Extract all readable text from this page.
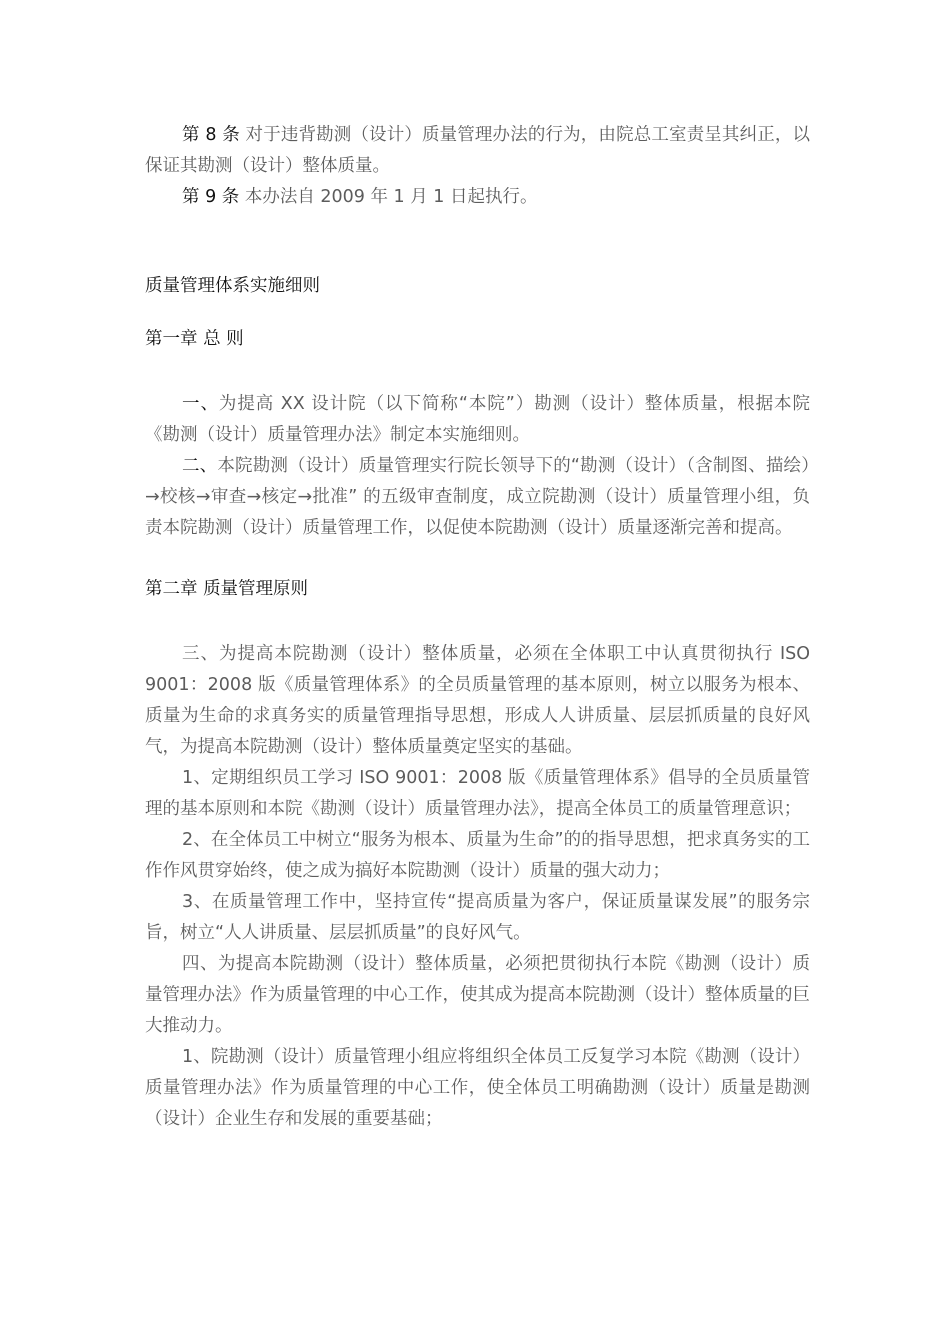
第 8 条 对于违背勘测（设计）质量管理办法的行为，由院总工室责呈其纠正，以保证其勘测（设计）整体质量。

第 9 条 本办法自 2009 年 1 月 1 日起执行。

质量管理体系实施细则

第一章 总 则

一、为提高 XX 设计院（以下简称“本院”）勘测（设计）整体质量，根据本院《勘测（设计）质量管理办法》制定本实施细则。

二、本院勘测（设计）质量管理实行院长领导下的“勘测（设计）（含制图、描绘）→校核→审查→核定→批准” 的五级审查制度，成立院勘测（设计）质量管理小组，负责本院勘测（设计）质量管理工作，以促使本院勘测（设计）质量逐渐完善和提高。

第二章 质量管理原则

三、为提高本院勘测（设计）整体质量，必须在全体职工中认真贯彻执行 ISO 9001：2008 版《质量管理体系》的全员质量管理的基本原则，树立以服务为根本、质量为生命的求真务实的质量管理指导思想，形成人人讲质量、层层抓质量的良好风气，为提高本院勘测（设计）整体质量奠定坚实的基础。

1、定期组织员工学习 ISO 9001：2008 版《质量管理体系》倡导的全员质量管理的基本原则和本院《勘测（设计）质量管理办法》，提高全体员工的质量管理意识；

2、在全体员工中树立“服务为根本、质量为生命”的的指导思想，把求真务实的工作作风贯穿始终，使之成为搞好本院勘测（设计）质量的强大动力；

3、在质量管理工作中，坚持宣传“提高质量为客户，保证质量谋发展”的服务宗旨，树立“人人讲质量、层层抓质量”的良好风气。

四、为提高本院勘测（设计）整体质量，必须把贯彻执行本院《勘测（设计）质量管理办法》作为质量管理的中心工作，使其成为提高本院勘测（设计）整体质量的巨大推动力。

1、院勘测（设计）质量管理小组应将组织全体员工反复学习本院《勘测（设计）质量管理办法》作为质量管理的中心工作，使全体员工明确勘测（设计）质量是勘测（设计）企业生存和发展的重要基础；
